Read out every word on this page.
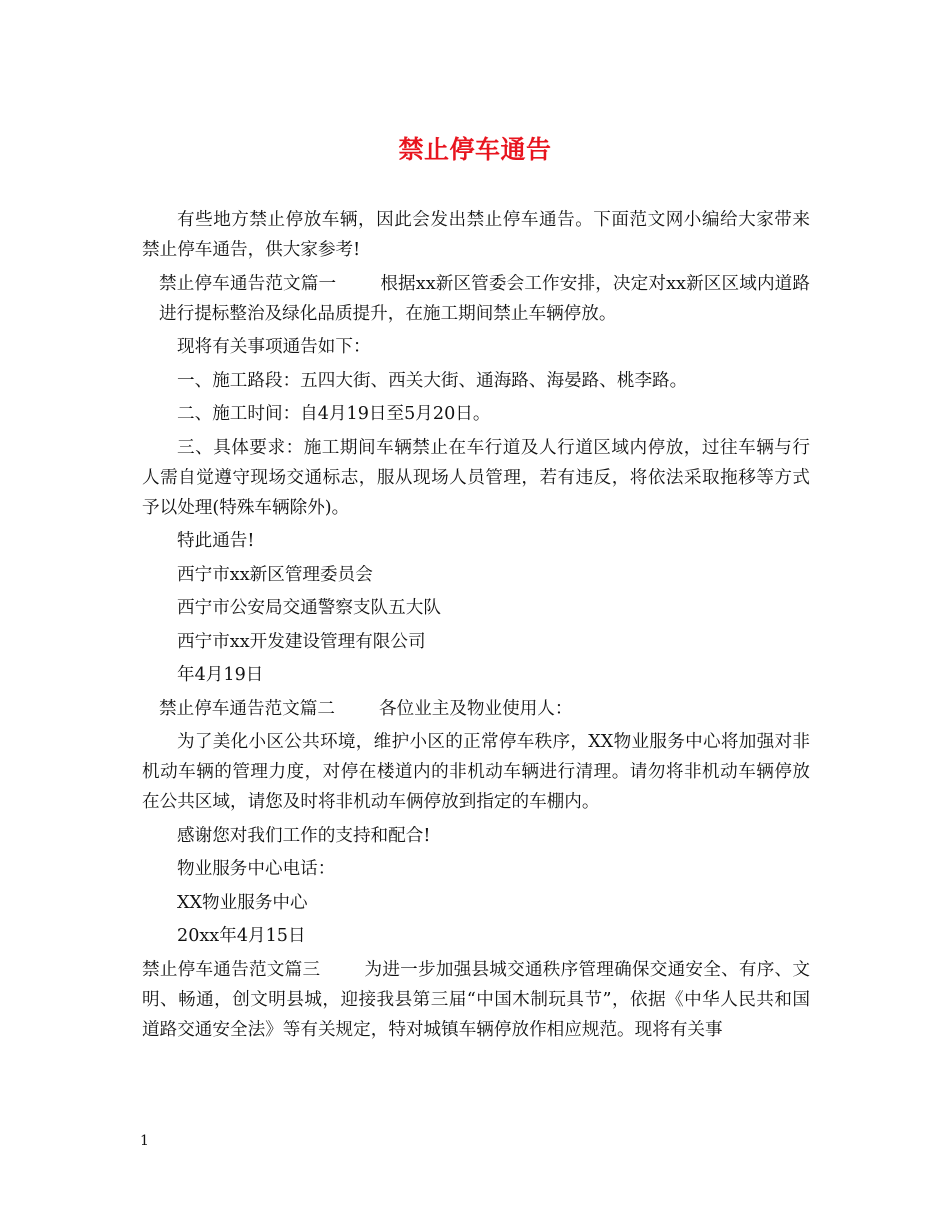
禁止停车通告

有些地方禁止停放车辆，因此会发出禁止停车通告。下面范文网小编给大家带来禁止停车通告，供大家参考!

禁止停车通告范文篇一	根据xx新区管委会工作安排，决定对xx新区区域内道路进行提标整治及绿化品质提升，在施工期间禁止车辆停放。

现将有关事项通告如下：

一、施工路段：五四大街、西关大街、通海路、海晏路、桃李路。

二、施工时间：自4月19日至5月20日。

三、具体要求：施工期间车辆禁止在车行道及人行道区域内停放，过往车辆与行人需自觉遵守现场交通标志，服从现场人员管理，若有违反，将依法采取拖移等方式予以处理(特殊车辆除外)。

特此通告!

西宁市xx新区管理委员会

西宁市公安局交通警察支队五大队

西宁市xx开发建设管理有限公司

年4月19日

禁止停车通告范文篇二	各位业主及物业使用人：

为了美化小区公共环境，维护小区的正常停车秩序，XX物业服务中心将加强对非机动车辆的管理力度，对停在楼道内的非机动车辆进行清理。请勿将非机动车辆停放在公共区域，请您及时将非机动车俩停放到指定的车棚内。

感谢您对我们工作的支持和配合!

物业服务中心电话：

XX物业服务中心

20xx年4月15日

禁止停车通告范文篇三	为进一步加强县城交通秩序管理确保交通安全、有序、文明、畅通，创文明县城，迎接我县第三届“中国木制玩具节”，依据《中华人民共和国道路交通安全法》等有关规定，特对城镇车辆停放作相应规范。现将有关事

1
